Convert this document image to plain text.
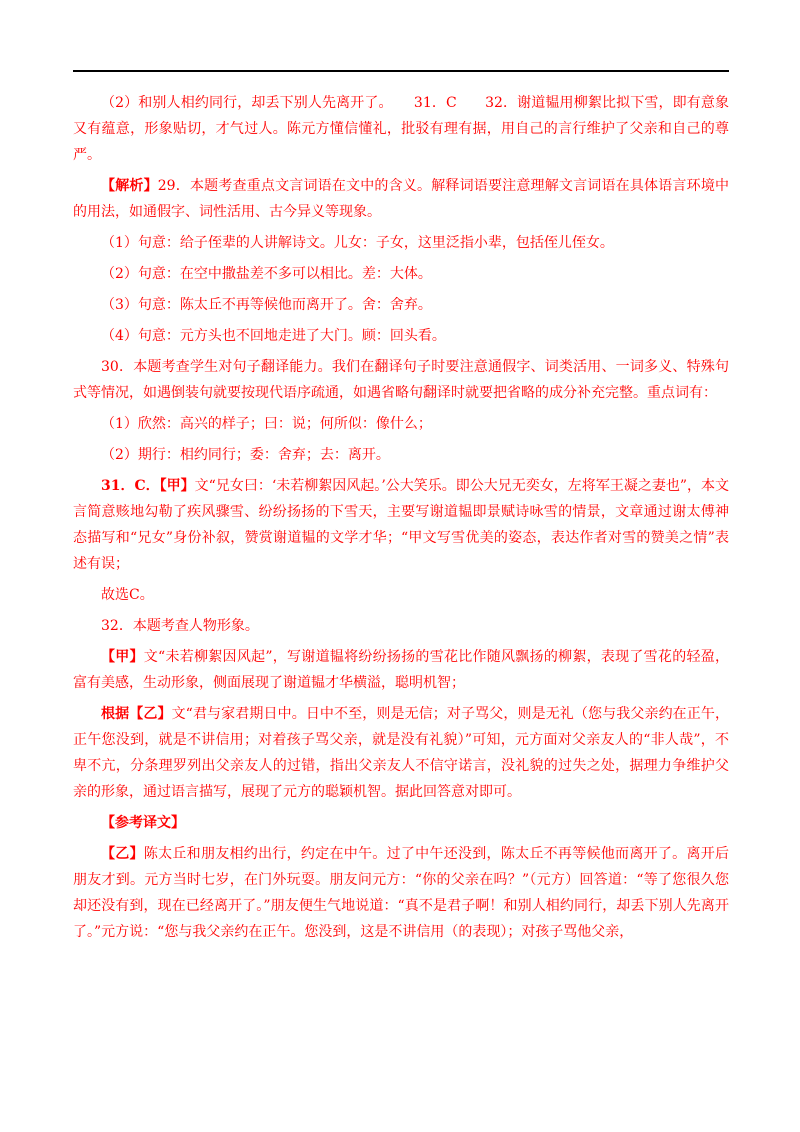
（2）和别人相约同行，却丢下别人先离开了。　　31．C　　32．谢道韫用柳絮比拟下雪，即有意象又有蕴意，形象贴切，才气过人。陈元方懂信懂礼，批驳有理有据，用自己的言行维护了父亲和自己的尊严。

【解析】29．本题考查重点文言词语在文中的含义。解释词语要注意理解文言词语在具体语言环境中的用法，如通假字、词性活用、古今异义等现象。

（1）句意：给子侄辈的人讲解诗文。儿女：子女，这里泛指小辈，包括侄儿侄女。

（2）句意：在空中撒盐差不多可以相比。差：大体。

（3）句意：陈太丘不再等候他而离开了。舍：舍弃。

（4）句意：元方头也不回地走进了大门。顾：回头看。

30．本题考查学生对句子翻译能力。我们在翻译句子时要注意通假字、词类活用、一词多义、特殊句式等情况，如遇倒装句就要按现代语序疏通，如遇省略句翻译时就要把省略的成分补充完整。重点词有：

（1）欣然：高兴的样子；曰：说；何所似：像什么；

（2）期行：相约同行；委：舍弃；去：离开。

31．C．【甲】文“兄女曰：‘未若柳絮因风起。’公大笑乐。即公大兄无奕女，左将军王凝之妻也”，本文言简意赅地勾勒了疾风骤雪、纷纷扬扬的下雪天，主要写谢道韫即景赋诗咏雪的情景，文章通过谢太傅神态描写和“兄女”身份补叙，赞赏谢道韫的文学才华；“甲文写雪优美的姿态，表达作者对雪的赞美之情”表述有误；

故选C。

32．本题考查人物形象。

【甲】文“未若柳絮因风起”，写谢道韫将纷纷扬扬的雪花比作随风飘扬的柳絮，表现了雪花的轻盈，富有美感，生动形象，侧面展现了谢道韫才华横溢，聪明机智；

根据【乙】文“君与家君期日中。日中不至，则是无信；对子骂父，则是无礼（您与我父亲约在正午，正午您没到，就是不讲信用；对着孩子骂父亲，就是没有礼貌）”可知，元方面对父亲友人的“非人哉”，不卑不亢，分条理罗列出父亲友人的过错，指出父亲友人不信守诺言，没礼貌的过失之处，据理力争维护父亲的形象，通过语言描写，展现了元方的聪颖机智。据此回答意对即可。

【参考译文】

【乙】陈太丘和朋友相约出行，约定在中午。过了中午还没到，陈太丘不再等候他而离开了。离开后朋友才到。元方当时七岁，在门外玩耍。朋友问元方：“你的父亲在吗？”（元方）回答道：“等了您很久您却还没有到，现在已经离开了。”朋友便生气地说道：“真不是君子啊！和别人相约同行，却丢下别人先离开了。”元方说：“您与我父亲约在正午。您没到，这是不讲信用（的表现）；对孩子骂他父亲，
